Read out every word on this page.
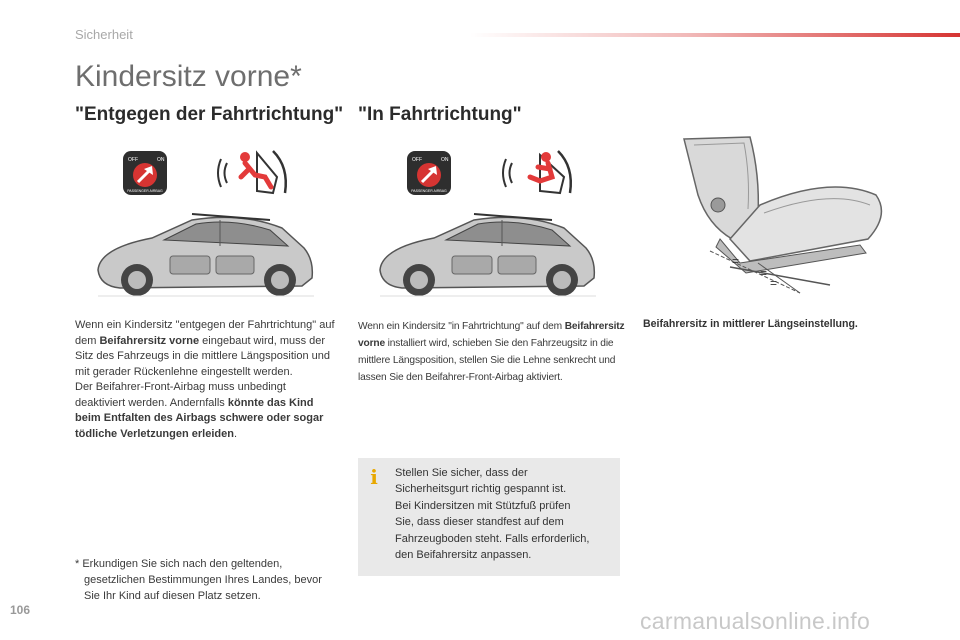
Sicherheit
Kindersitz vorne*
"Entgegen der Fahrtrichtung" "In Fahrtrichtung"
OFF	ON
PASSENGER AIRBAG
OFF	ON
PASSENGER AIRBAG
=
=
=
Wenn ein Kindersitz "entgegen der Fahrtrichtung" auf dem Beifahrersitz vorne eingebaut wird, muss der Sitz des Fahrzeugs in die mittlere Längsposition und mit gerader Rückenlehne eingestellt werden.
Der Beifahrer-Front-Airbag muss unbedingt deaktiviert werden. Andernfalls könnte das Kind beim Entfalten des Airbags schwere oder sogar tödliche Verletzungen erleiden.
Wenn ein Kindersitz "in Fahrtrichtung" auf dem Beifahrersitz vorne installiert wird, schieben Sie den Fahrzeugsitz in die mittlere Längsposition, stellen Sie die Lehne senkrecht und lassen Sie den Beifahrer-Front-Airbag aktiviert.
Beifahrersitz in mittlerer Längseinstellung.
i Stellen Sie sicher, dass der
Sicherheitsgurt richtig gespannt ist.
Bei Kindersitzen mit Stützfuß prüfen
Sie, dass dieser standfest auf dem
Fahrzeugboden steht. Falls erforderlich,
den Beifahrersitz anpassen.
* Erkundigen Sie sich nach den geltenden,
gesetzlichen Bestimmungen Ihres Landes, bevor Sie Ihr Kind auf diesen Platz setzen.
106	carmanualsonline.info
